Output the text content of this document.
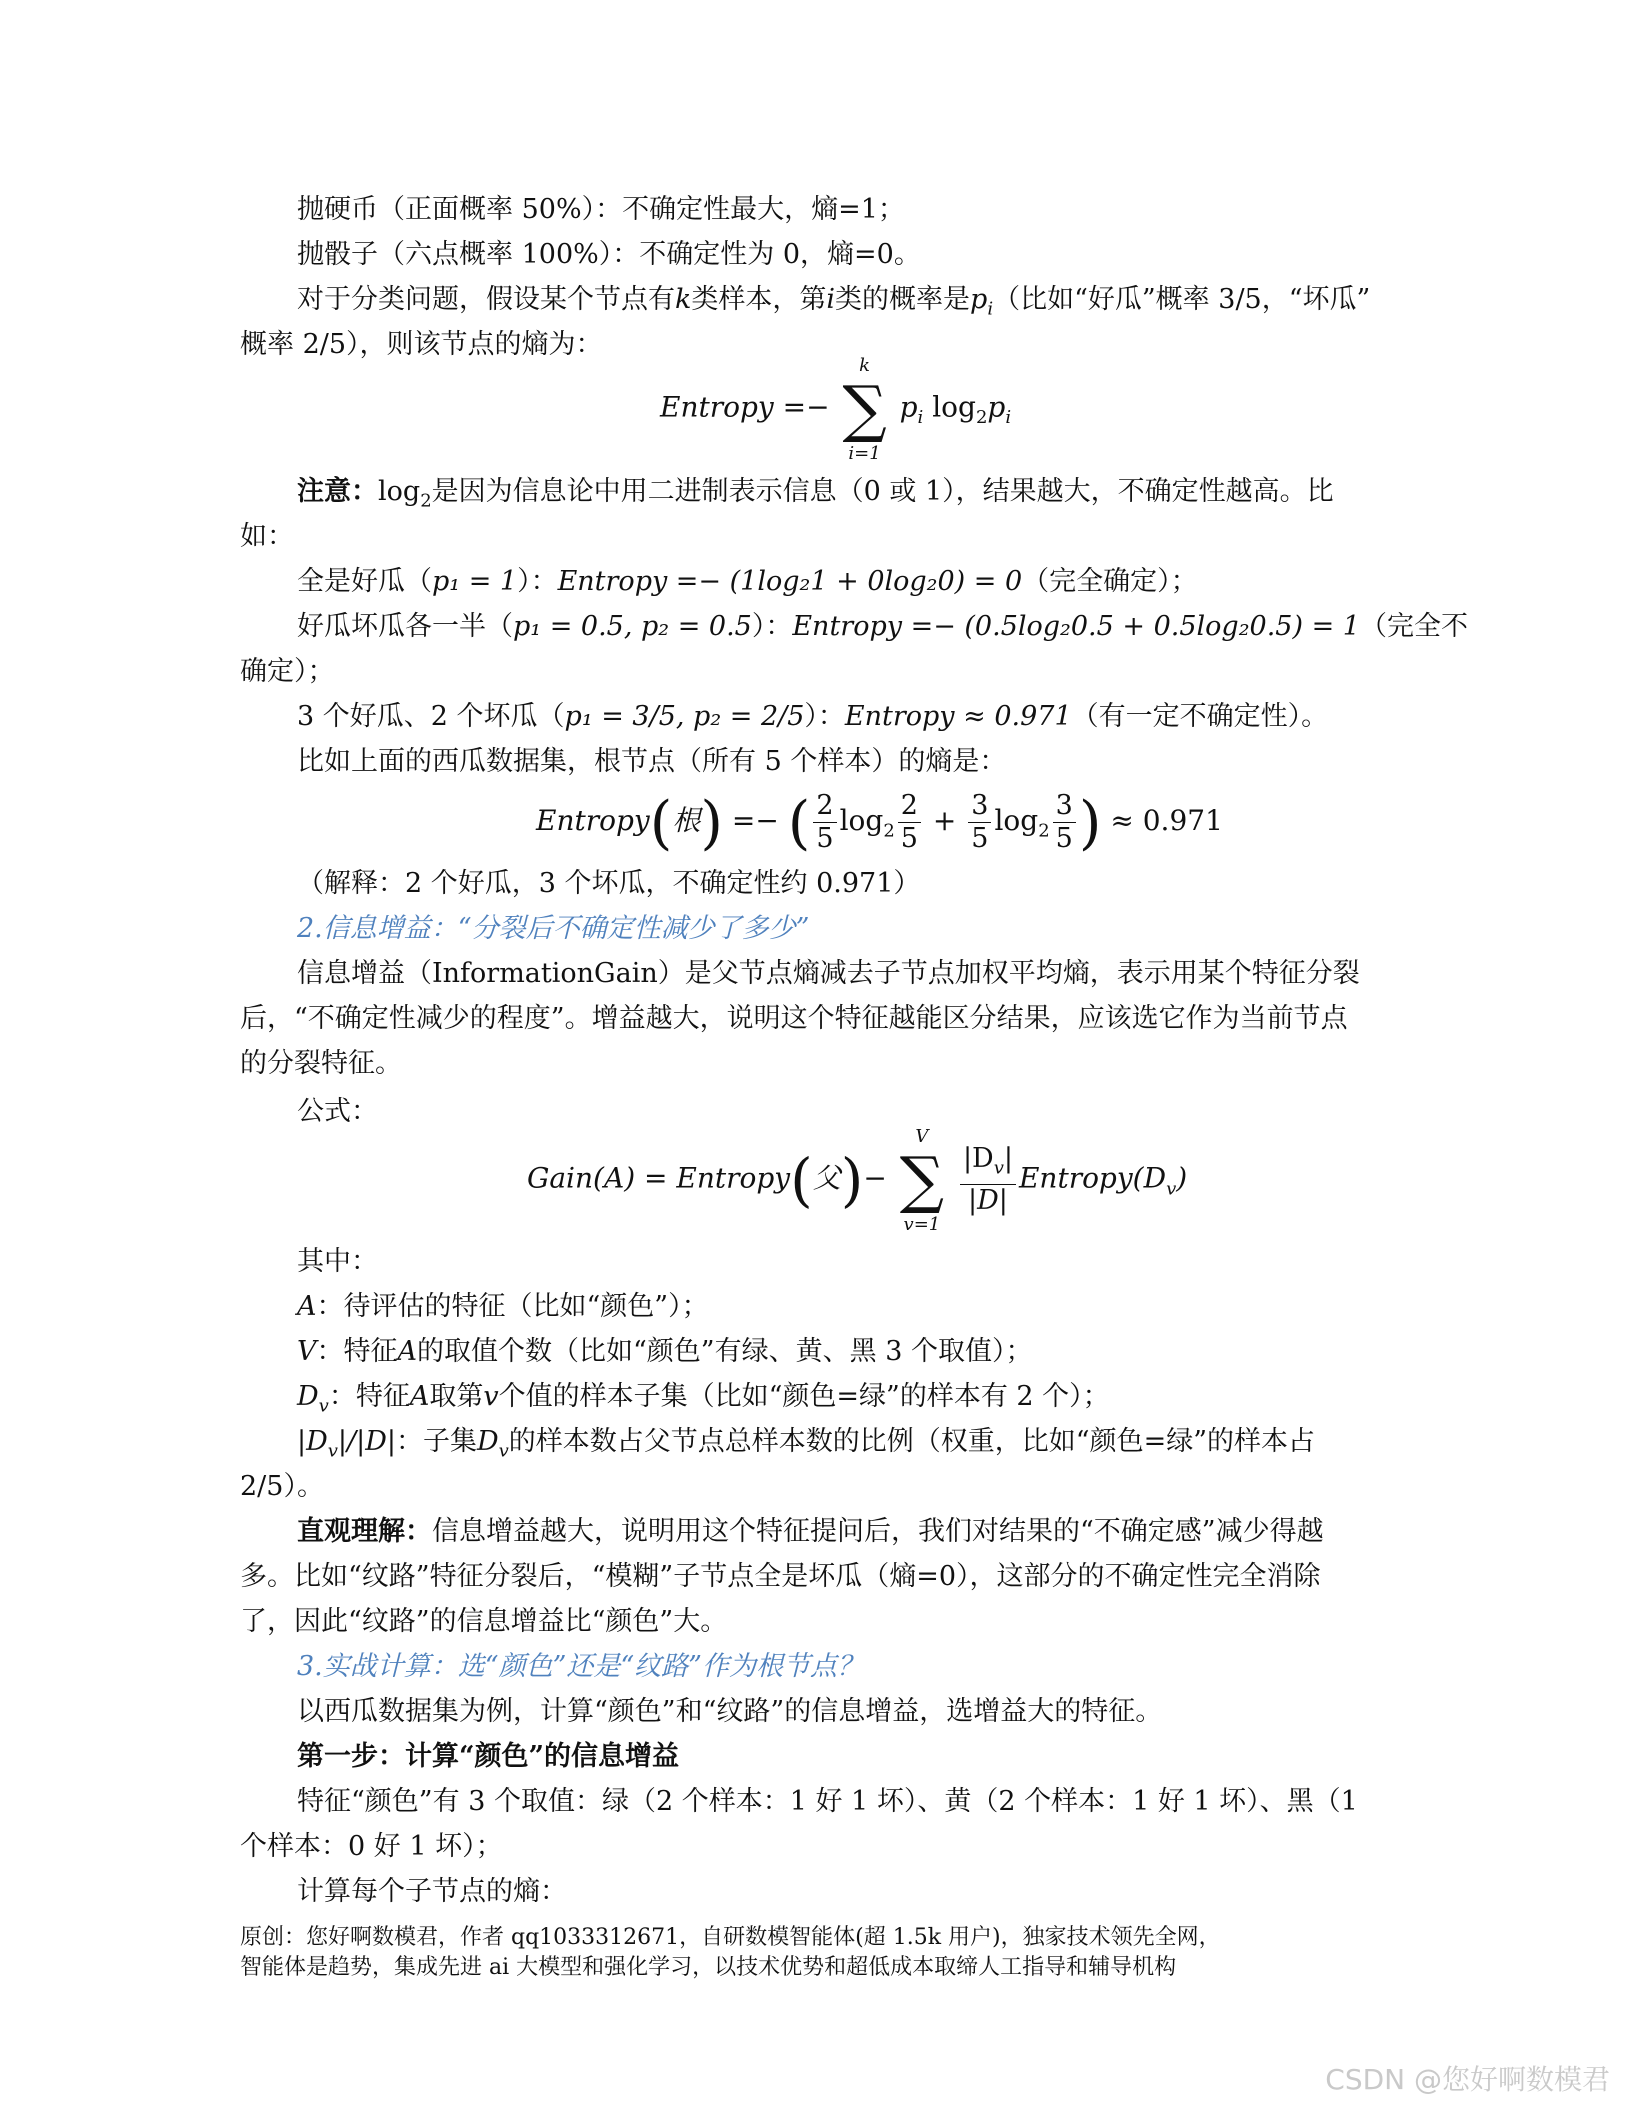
抛硬币（正面概率 50%）：不确定性最大，熵=1；
抛骰子（六点概率 100%）：不确定性为 0，熵=0。
对于分类问题，假设某个节点有k类样本，第i类的概率是$p_i$（比如“好瓜”概率 3/5，“坏瓜”
概率 2/5），则该节点的熵为：
Entropy =− ∑
k
i=1
$p_i$ $\log_2p_i$
注意：$\log_2$是因为信息论中用二进制表示信息（0 或 1），结果越大，不确定性越高。比
如：
全是好瓜（p₁ = 1）：Entropy =− (1log₂1 + 0log₂0) = 0（完全确定）；
好瓜坏瓜各一半（p₁ = 0.5, p₂ = 0.5）：Entropy =− (0.5log₂0.5 + 0.5log₂0.5) = 1（完全不
确定）；
3 个好瓜、2 个坏瓜（p₁ = 3/5, p₂ = 2/5）：Entropy ≈ 0.971（有一定不确定性）。
比如上面的西瓜数据集，根节点（所有 5 个样本）的熵是：
Entropy(根) =− ( $\frac{2}{5} \log_2 \frac{2}{5} + \frac{3}{5} \log_2 \frac{3}{5}$ ) ≈ 0.971
（解释：2 个好瓜，3 个坏瓜，不确定性约 0.971）
2.信息增益：“分裂后不确定性减少了多少”
信息增益（InformationGain）是父节点熵减去子节点加权平均熵，表示用某个特征分裂
后，“不确定性减少的程度”。增益越大，说明这个特征越能区分结果，应该选它作为当前节点
的分裂特征。
公式：
Gain(A) = Entropy(父)− ∑
V
v=1

$\frac{|D_v|}{|D|}$ $Entropy(D_v)$
其中：
A：待评估的特征（比如“颜色”）；
V：特征A的取值个数（比如“颜色”有绿、黄、黑 3 个取值）；
$D_v$：特征A取第v个值的样本子集（比如“颜色=绿”的样本有 2 个）；
$|D_v|/|D|$：子集$D_v$的样本数占父节点总样本数的比例（权重，比如“颜色=绿”的样本占
2/5）。
直观理解：信息增益越大，说明用这个特征提问后，我们对结果的“不确定感”减少得越
多。比如“纹路”特征分裂后，“模糊”子节点全是坏瓜（熵=0），这部分的不确定性完全消除
了，因此“纹路”的信息增益比“颜色”大。
3.实战计算：选“颜色”还是“纹路”作为根节点？
以西瓜数据集为例，计算“颜色”和“纹路”的信息增益，选增益大的特征。
第一步：计算“颜色”的信息增益
特征“颜色”有 3 个取值：绿（2 个样本：1 好 1 坏）、黄（2 个样本：1 好 1 坏）、黑（1
个样本：0 好 1 坏）；
计算每个子节点的熵：
原创：您好啊数模君，作者 qq1033312671，自研数模智能体(超 1.5k 用户)，独家技术领先全网，
智能体是趋势，集成先进 ai 大模型和强化学习，以技术优势和超低成本取缔人工指导和辅导机构
CSDN @您好啊数模君
